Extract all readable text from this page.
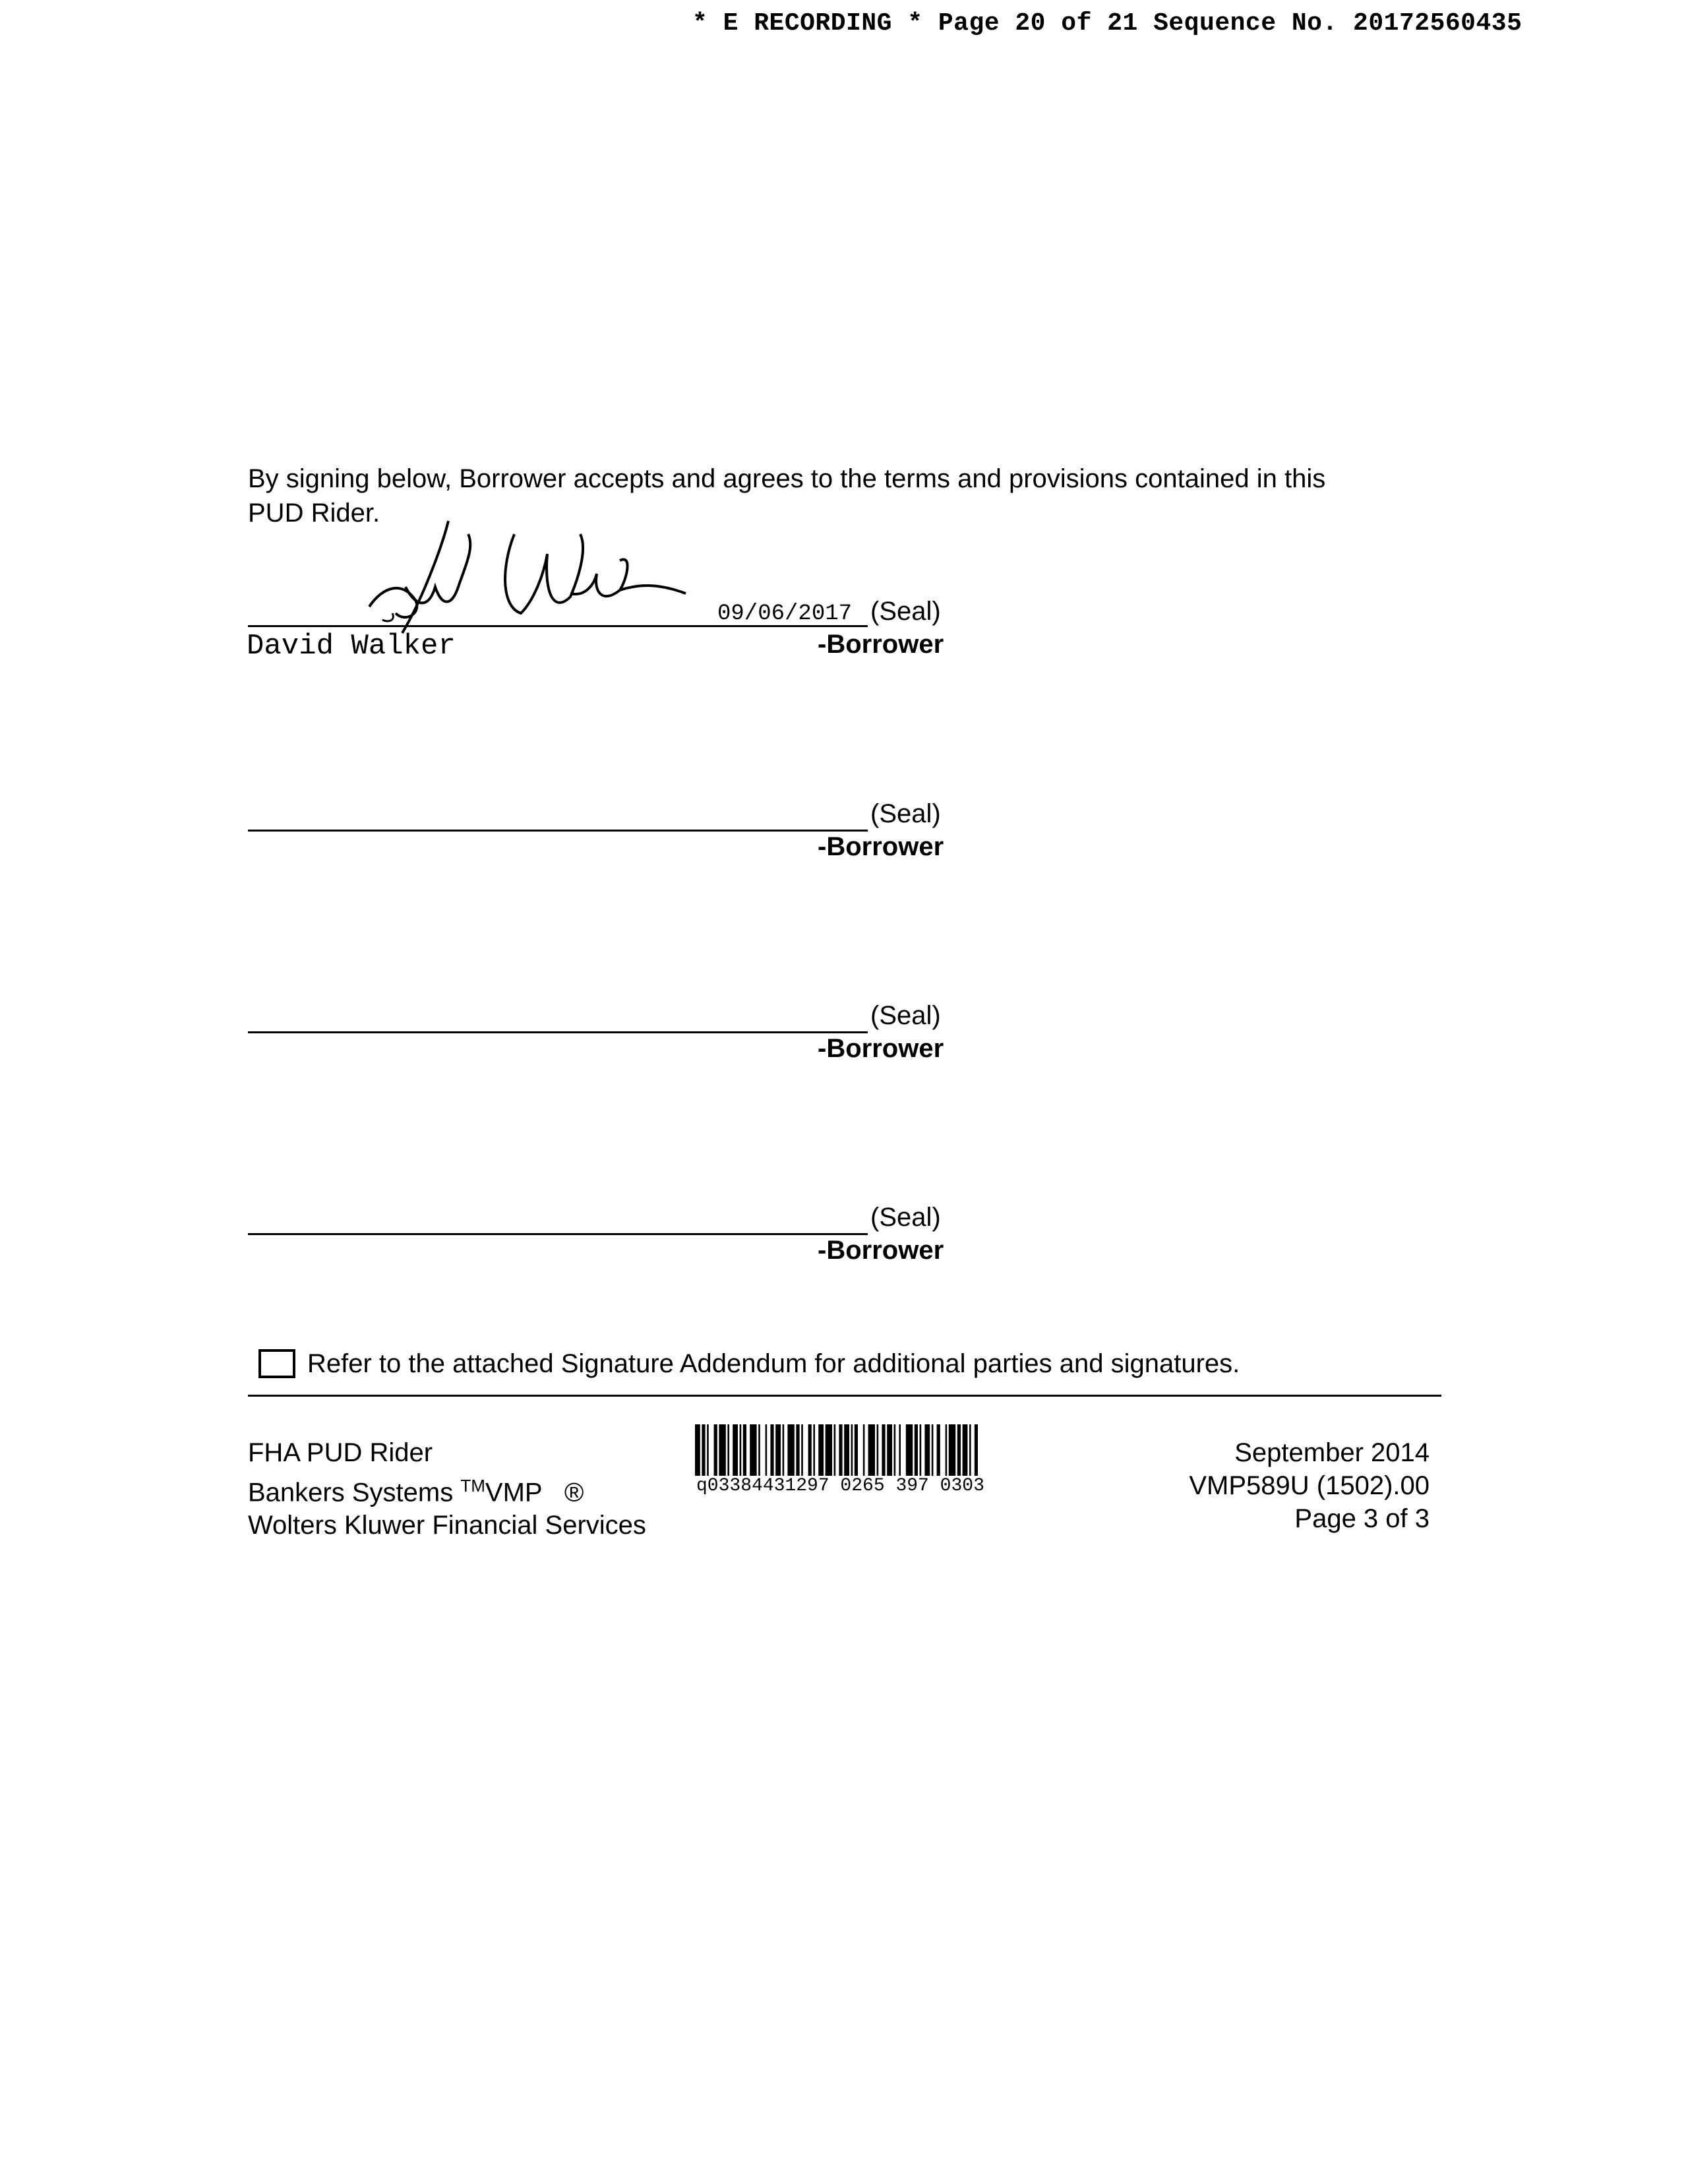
* E RECORDING * Page 20 of 21 Sequence No. 20172560435
By signing below, Borrower accepts and agrees to the terms and provisions contained in this PUD Rider.
09/06/2017 (Seal)
David Walker	-Borrower
(Seal)
-Borrower
(Seal)
-Borrower
(Seal)
-Borrower
Refer to the attached Signature Addendum for additional parties and signatures.
FHA PUD Rider
Bankers Systems ™VMP ®
Wolters Kluwer Financial Services
q03384431297 0265 397 0303
September 2014
VMP589U (1502).00
Page 3 of 3
